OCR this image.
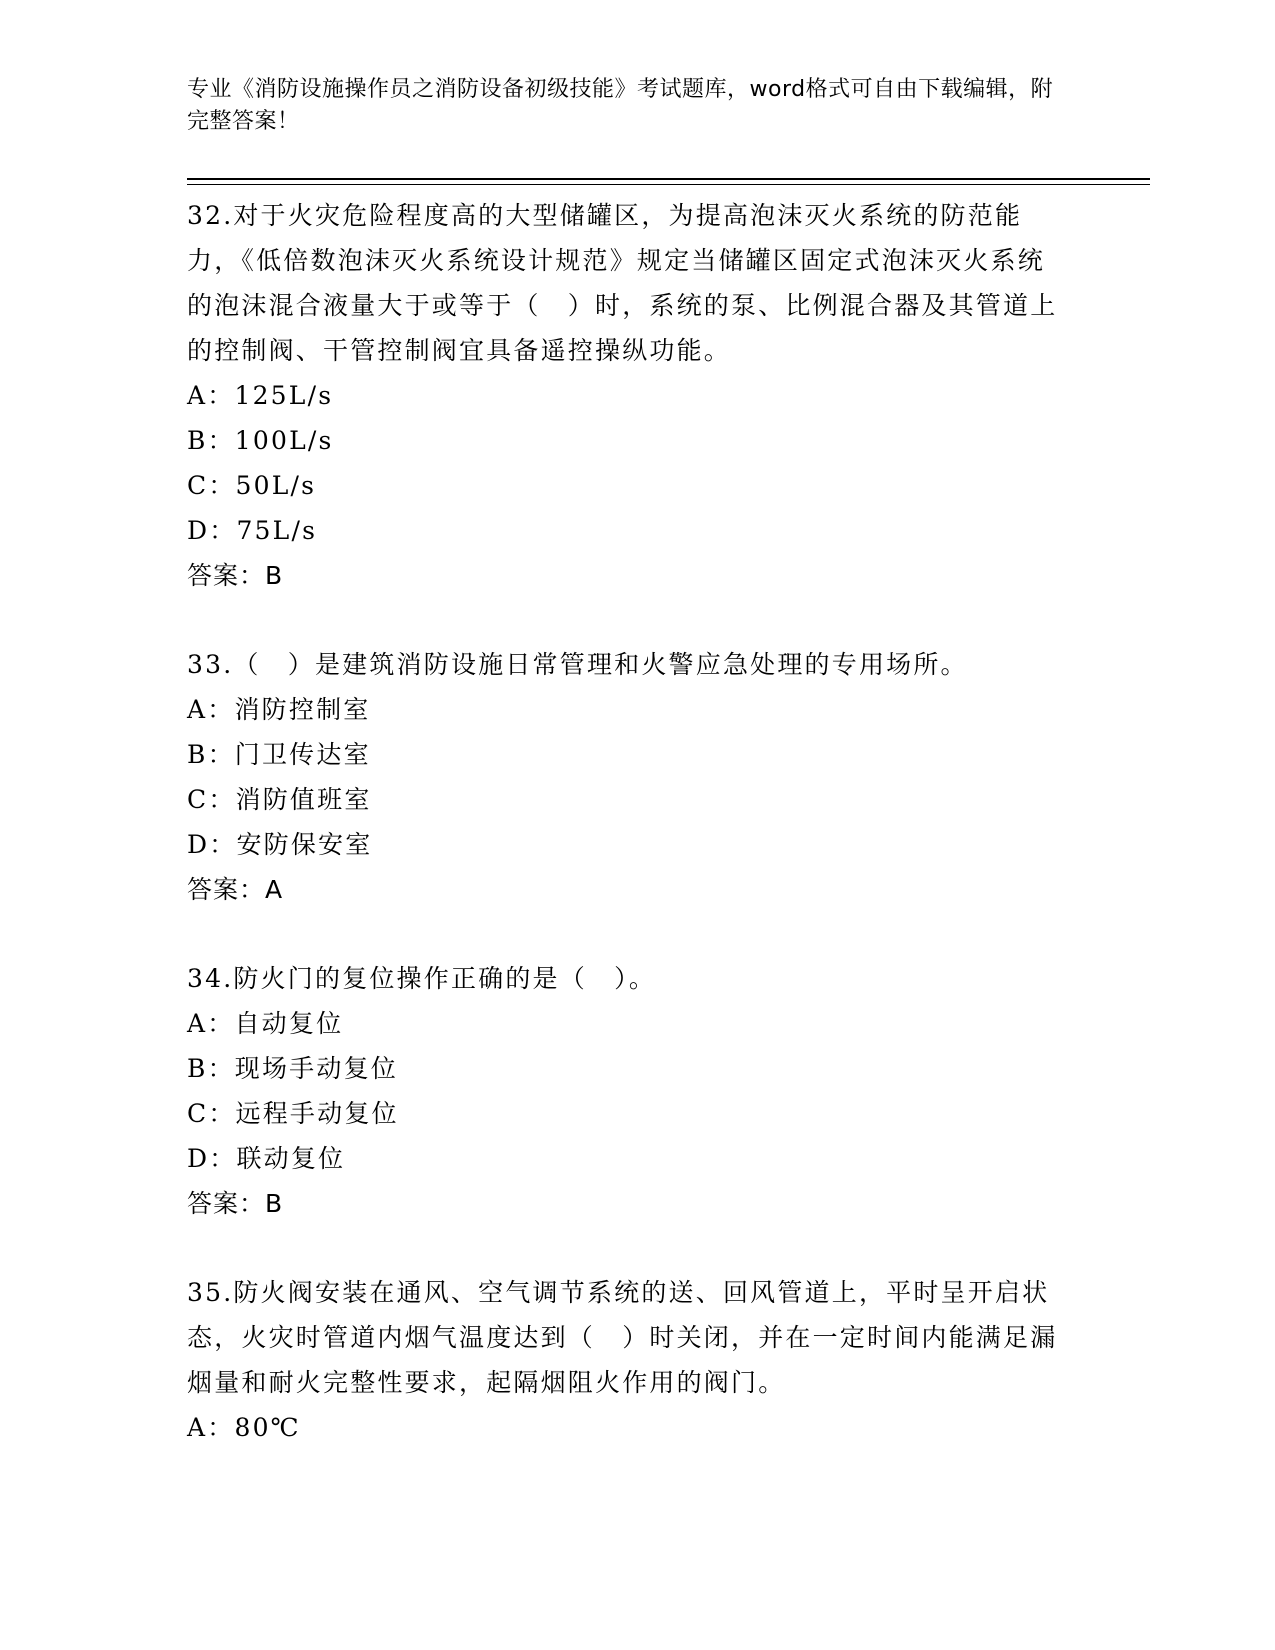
专业《消防设施操作员之消防设备初级技能》考试题库，word格式可自由下载编辑，附完整答案！

32.对于火灾危险程度高的大型储罐区，为提高泡沫灭火系统的防范能力，《低倍数泡沫灭火系统设计规范》规定当储罐区固定式泡沫灭火系统的泡沫混合液量大于或等于（　）时，系统的泵、比例混合器及其管道上的控制阀、干管控制阀宜具备遥控操纵功能。

A：125L/s

B：100L/s

C：50L/s

D：75L/s

答案：B

33.（　）是建筑消防设施日常管理和火警应急处理的专用场所。

A：消防控制室

B：门卫传达室

C：消防值班室

D：安防保安室

答案：A

34.防火门的复位操作正确的是（　）。

A：自动复位

B：现场手动复位

C：远程手动复位

D：联动复位

答案：B

35.防火阀安装在通风、空气调节系统的送、回风管道上，平时呈开启状态，火灾时管道内烟气温度达到（　）时关闭，并在一定时间内能满足漏烟量和耐火完整性要求，起隔烟阻火作用的阀门。

A：80℃
